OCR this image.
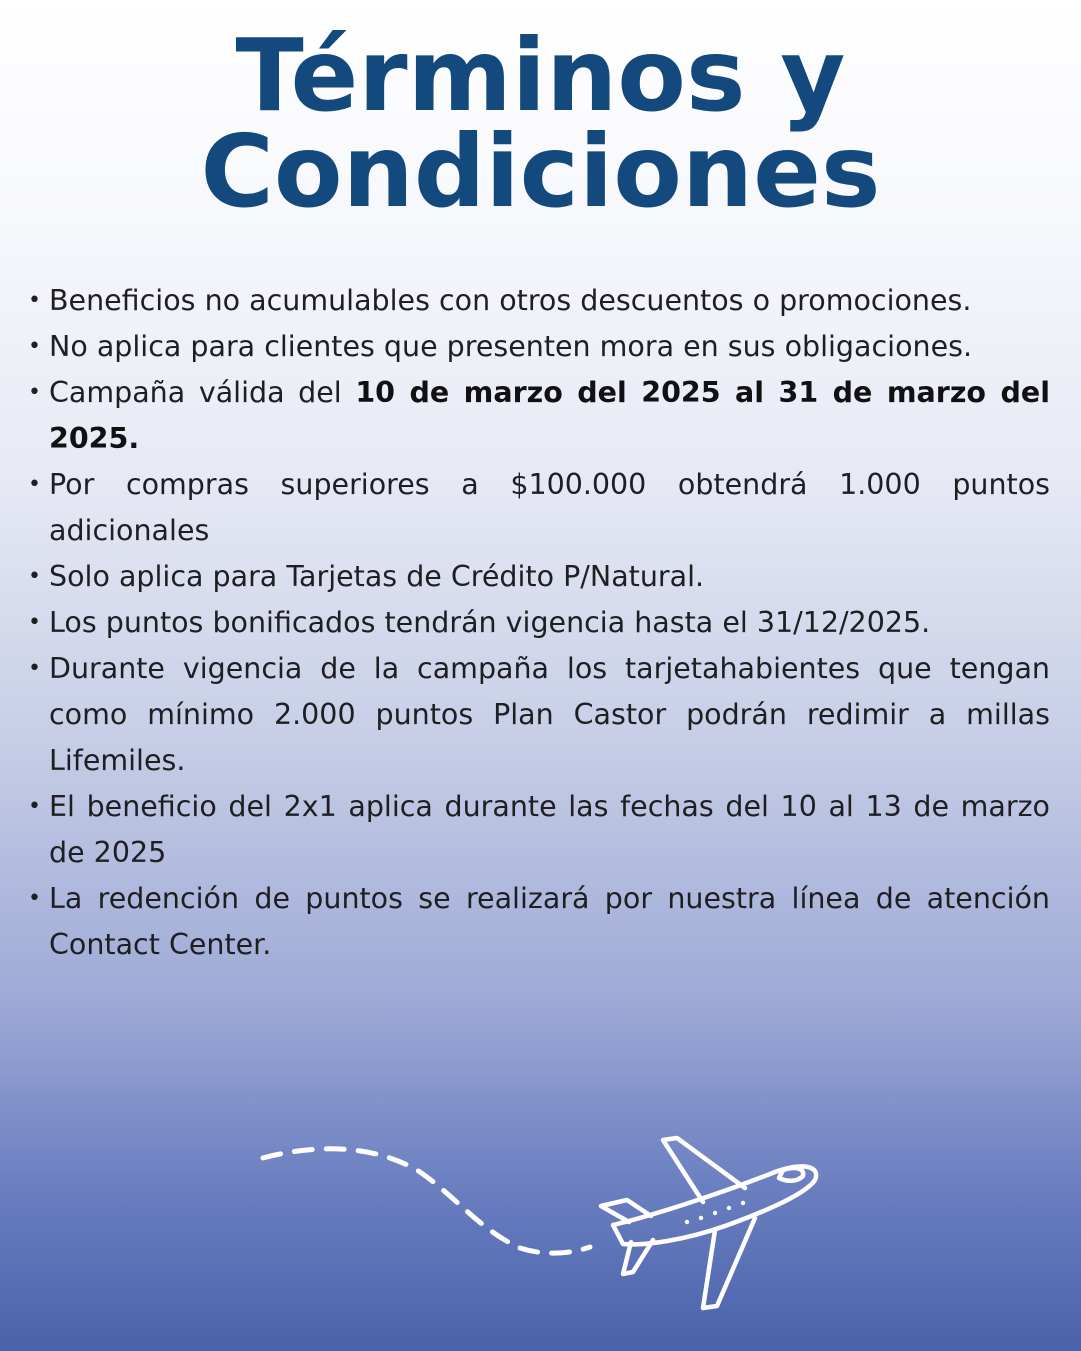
Términos y
Condiciones
• Beneficios no acumulables con otros descuentos o promociones.
• No aplica para clientes que presenten mora en sus obligaciones.
• Campaña válida del 10 de marzo del 2025 al 31 de marzo del 2025.
• Por compras superiores a $100.000 obtendrá 1.000 puntos adicionales
• Solo aplica para Tarjetas de Crédito P/Natural.
• Los puntos bonificados tendrán vigencia hasta el 31/12/2025.
• Durante vigencia de la campaña los tarjetahabientes que tengan como mínimo 2.000 puntos Plan Castor podrán redimir a millas Lifemiles.
• El beneficio del 2x1 aplica durante las fechas del 10 al 13 de marzo de 2025
• La redención de puntos se realizará por nuestra línea de atención Contact Center.
